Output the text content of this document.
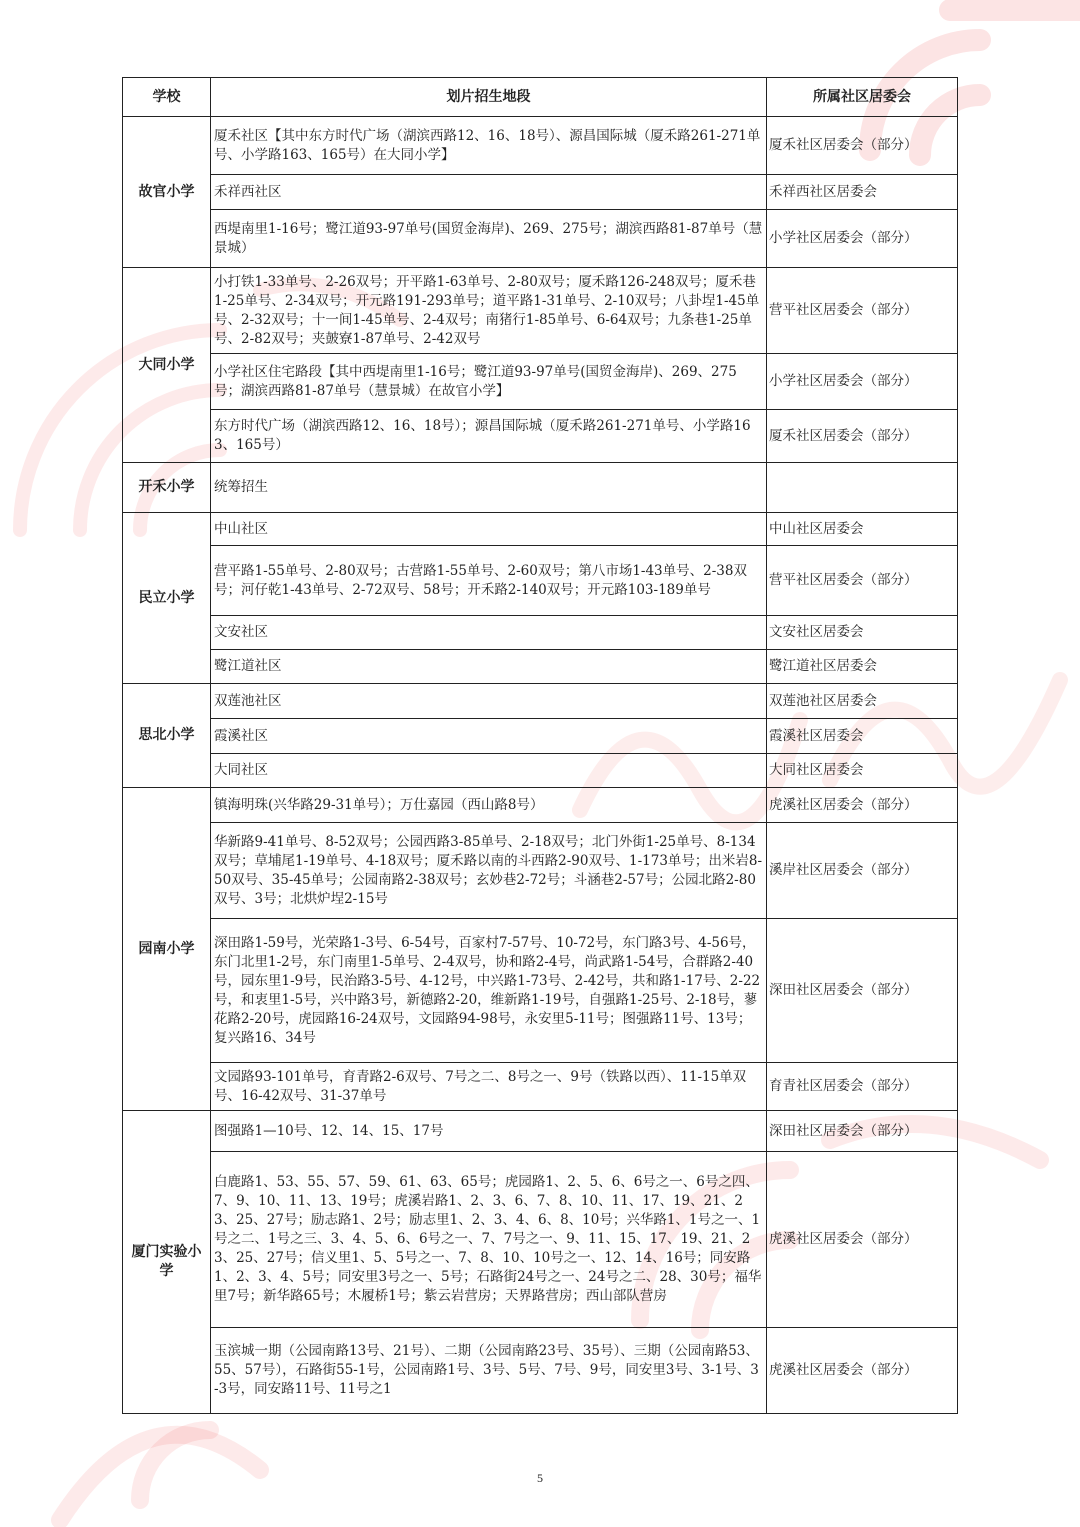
学校	划片招生地段	所属社区居委会
故官小学	厦禾社区【其中东方时代广场（湖滨西路12、16、18号）、源昌国际城（厦禾路261-271单号、小学路163、165号）在大同小学】	厦禾社区居委会（部分）
	禾祥西社区	禾祥西社区居委会
	西堤南里1-16号；鹭江道93-97单号(国贸金海岸)、269、275号；湖滨西路81-87单号（慧景城）	小学社区居委会（部分）
大同小学	小打铁1-33单号、2-26双号；开平路1-63单号、2-80双号；厦禾路126-248双号；厦禾巷1-25单号、2-34双号；开元路191-293单号；道平路1-31单号、2-10双号；八卦埕1-45单号、2-32双号；十一间1-45单号、2-4双号；南猪行1-85单号、6-64双号；九条巷1-25单号、2-82双号；夹皷寮1-87单号、2-42双号	营平社区居委会（部分）
	小学社区住宅路段【其中西堤南里1-16号；鹭江道93-97单号(国贸金海岸)、269、275号；湖滨西路81-87单号（慧景城）在故官小学】	小学社区居委会（部分）
	东方时代广场（湖滨西路12、16、18号）；源昌国际城（厦禾路261-271单号、小学路163、165号）	厦禾社区居委会（部分）
开禾小学	统筹招生	
民立小学	中山社区	中山社区居委会
	营平路1-55单号、2-80双号；古营路1-55单号、2-60双号；第八市场1-43单号、2-38双号；河仔乾1-43单号、2-72双号、58号；开禾路2-140双号；开元路103-189单号	营平社区居委会（部分）
	文安社区	文安社区居委会
	鹭江道社区	鹭江道社区居委会
思北小学	双莲池社区	双莲池社区居委会
	霞溪社区	霞溪社区居委会
	大同社区	大同社区居委会
园南小学	镇海明珠(兴华路29-31单号）；万仕嘉园（西山路8号）	虎溪社区居委会（部分）
	华新路9-41单号、8-52双号；公园西路3-85单号、2-18双号；北门外街1-25单号、8-134双号；草埔尾1-19单号、4-18双号；厦禾路以南的斗西路2-90双号、1-173单号；出米岩8-50双号、35-45单号；公园南路2-38双号；玄妙巷2-72号；斗涵巷2-57号；公园北路2-80双号、3号；北烘炉埕2-15号	溪岸社区居委会（部分）
	深田路1-59号，光荣路1-3号、6-54号，百家村7-57号、10-72号，东门路3号、4-56号，东门北里1-2号，东门南里1-5单号、2-4双号，协和路2-4号，尚武路1-54号，合群路2-40号，园东里1-9号，民治路3-5号、4-12号，中兴路1-73号、2-42号，共和路1-17号、2-22号，和衷里1-5号，兴中路3号，新德路2-20，维新路1-19号，自强路1-25号、2-18号，蓼花路2-20号，虎园路16-24双号，文园路94-98号，永安里5-11号；图强路11号、13号；复兴路16、34号	深田社区居委会（部分）
	文园路93-101单号，育青路2-6双号、7号之二、8号之一、9号（铁路以西）、11-15单双号、16-42双号、31-37单号	育青社区居委会（部分）
厦门实验小学	图强路1—10号、12、14、15、17号	深田社区居委会（部分）
	白鹿路1、53、55、57、59、61、63、65号；虎园路1、2、5、6、6号之一、6号之四、7、9、10、11、13、19号；虎溪岩路1、2、3、6、7、8、10、11、17、19、21、23、25、27号；励志路1、2号；励志里1、2、3、4、6、8、10号；兴华路1、1号之一、1号之二、1号之三、3、4、5、6、6号之一、7、7号之一、9、11、15、17、19、21、23、25、27号；信义里1、5、5号之一、7、8、10、10号之一、12、14、16号；同安路1、2、3、4、5号；同安里3号之一、5号；石路街24号之一、24号之二、28、30号；福华里7号；新华路65号；木履桥1号；紫云岩营房；天界路营房；西山部队营房	虎溪社区居委会（部分）
	玉滨城一期（公园南路13号、21号）、二期（公园南路23号、35号）、三期（公园南路53、55、57号），石路街55-1号，公园南路1号、3号、5号、7号、9号，同安里3号、3-1号、3-3号，同安路11号、11号之1	虎溪社区居委会（部分）
5
